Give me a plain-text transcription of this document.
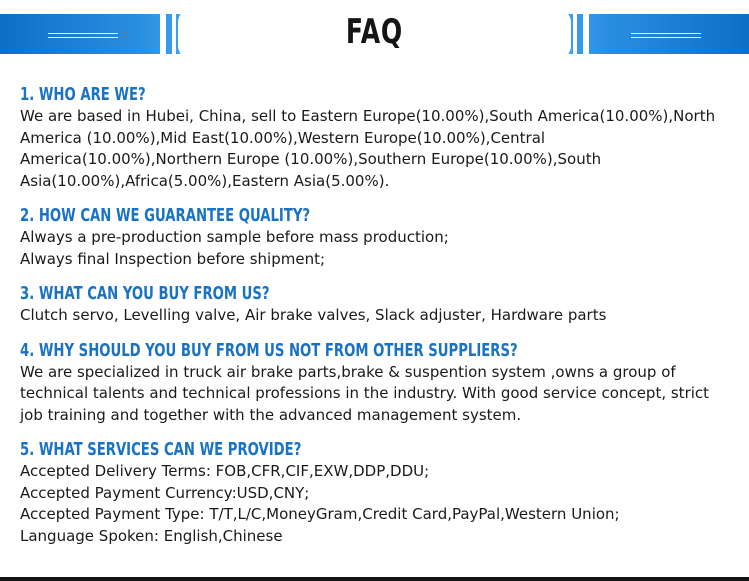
FAQ
1. WHO ARE WE?
We are based in Hubei, China, sell to Eastern Europe(10.00%),South America(10.00%),North America (10.00%),Mid East(10.00%),Western Europe(10.00%),Central America(10.00%),Northern Europe (10.00%),Southern Europe(10.00%),South Asia(10.00%),Africa(5.00%),Eastern Asia(5.00%).
2. HOW CAN WE GUARANTEE QUALITY?
Always a pre-production sample before mass production;
Always final Inspection before shipment;
3. WHAT CAN YOU BUY FROM US?
Clutch servo, Levelling valve, Air brake valves, Slack adjuster, Hardware parts
4. WHY SHOULD YOU BUY FROM US NOT FROM OTHER SUPPLIERS?
We are specialized in truck air brake parts,brake & suspention system ,owns a group of technical talents and technical professions in the industry. With good service concept, strict job training and together with the advanced management system.
5. WHAT SERVICES CAN WE PROVIDE?
Accepted Delivery Terms: FOB,CFR,CIF,EXW,DDP,DDU;
Accepted Payment Currency:USD,CNY;
Accepted Payment Type: T/T,L/C,MoneyGram,Credit Card,PayPal,Western Union;
Language Spoken: English,Chinese
